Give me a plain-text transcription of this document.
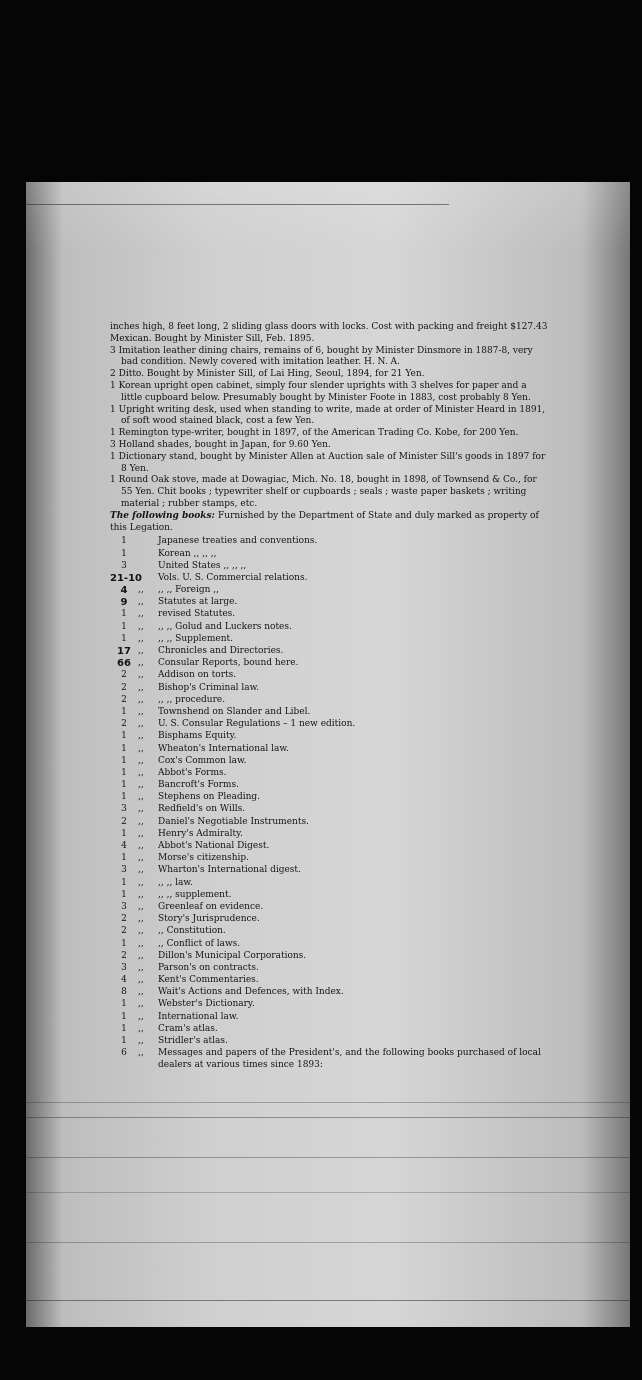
inches high, 8 feet long, 2 sliding glass doors with locks. Cost with packing and freight $127.43 Mexican. Bought by Minister Sill, Feb. 1895.

3 Imitation leather dining chairs, remains of 6, bought by Minister Dinsmore in 1887-8, very bad condition. Newly covered with imitation leather. H. N. A.

2 Ditto. Bought by Minister Sill, of Lai Hing, Seoul, 1894, for 21 Yen.

1 Korean upright open cabinet, simply four slender uprights with 3 shelves for paper and a little cupboard below. Presumably bought by Minister Foote in 1883, cost probably 8 Yen.

1 Upright writing desk, used when standing to write, made at order of Minister Heard in 1891, of soft wood stained black, cost a few Yen.

1 Remington type-writer, bought in 1897, of the American Trading Co. Kobe, for 200 Yen.

3 Holland shades, bought in Japan, for 9.60 Yen.

1 Dictionary stand, bought by Minister Allen at Auction sale of Minister Sill's goods in 1897 for 8 Yen.

1 Round Oak stove, made at Dowagiac, Mich. No. 18, bought in 1898, of Townsend & Co., for 55 Yen. Chit books ; typewriter shelf or cupboards ; seals ; waste paper baskets ; writing material ; rubber stamps, etc.

The following books: Furnished by the Department of State and duly marked as property of this Legation.

1	Japanese treaties and conventions.
1	Korean ,, ,, ,,
3	United States ,, ,, ,,
21-10 Vols. U. S. Commercial relations.
4	,,	,, ,, Foreign ,,
9	,,	Statutes at large.
1	,,	revised Statutes.
1	,,	,, ,, Golud and Luckers notes.
1	,,	,, ,, Supplement.
17 ,,	Chronicles and Directories.
66 ,,	Consular Reports, bound here.
2	,,	Addison on torts.
2	,,	Bishop's Criminal law.
2	,,	,, ,, procedure.
1	,,	Townshend on Slander and Libel.
2	,,	U. S. Consular Regulations – 1 new edition.
1	,,	Bisphams Equity.
1	,,	Wheaton's International law.
1	,,	Cox's Common law.
1	,,	Abbot's Forms.
1	,,	Bancroft's Forms.
1	,,	Stephens on Pleading.
3	,,	Redfield's on Wills.
2	,,	Daniel's Negotiable Instruments.
1	,,	Henry's Admiralty.
4	,,	Abbot's National Digest.
1	,,	Morse's citizenship.
3	,,	Wharton's International digest.
1	,,	,, ,, law.
1	,,	,, ,, supplement.
3	,,	Greenleaf on evidence.
2	,,	Story's Jurisprudence.
2	,,	,, Constitution.
1	,,	,, Conflict of laws.
2	,,	Dillon's Municipal Corporations.
3	,,	Parson's on contracts.
4	,,	Kent's Commentaries.
8	,,	Wait's Actions and Defences, with Index.
1	,,	Webster's Dictionary.
1	,,	International law.
1	,,	Cram's atlas.
1	,,	Stridler's atlas.
6	,,	Messages and papers of the President's, and the following books purchased of local dealers at various times since 1893:
